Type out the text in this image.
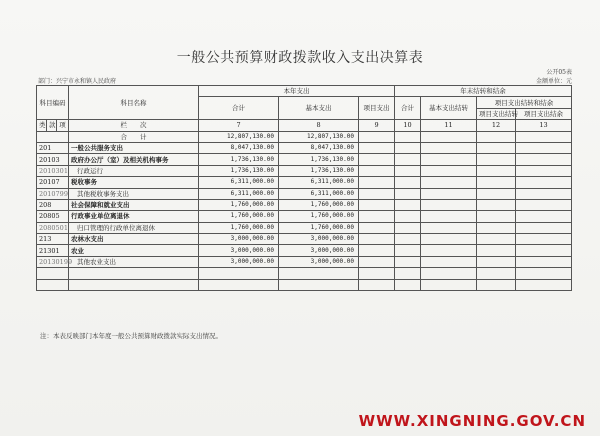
一般公共预算财政拨款收入支出决算表
公开05表
部门：兴宁市永和镇人民政府	金额单位：元
科目编码			科目名称	本年支出			年末结转和结余			
				合计	基本支出	项目支出	合计	基本支出结转	项目支出结转和结余	
									项目支出结转	项目支出结余
类	款	项	栏　　次	7	8	9	10	11	12	13
			合　　计	12,807,130.00	12,807,130.00					
201			一般公共服务支出	8,047,130.00	8,047,130.00					
20103			政府办公厅（室）及相关机构事务	1,736,130.00	1,736,130.00					
2010301			行政运行	1,736,130.00	1,736,130.00					
20107			税收事务	6,311,000.00	6,311,000.00					
2010799			其他税收事务支出	6,311,000.00	6,311,000.00					
208			社会保障和就业支出	1,760,000.00	1,760,000.00					
20805			行政事业单位离退休	1,760,000.00	1,760,000.00					
2080501			归口管理的行政单位离退休	1,760,000.00	1,760,000.00					
213			农林水支出	3,000,000.00	3,000,000.00					
21301			农业	3,000,000.00	3,000,000.00					
20130199			其他农业支出	3,000,000.00	3,000,000.00					

注：本表反映部门本年度一般公共预算财政拨款实际支出情况。
WWW.XINGNING.GOV.CN
